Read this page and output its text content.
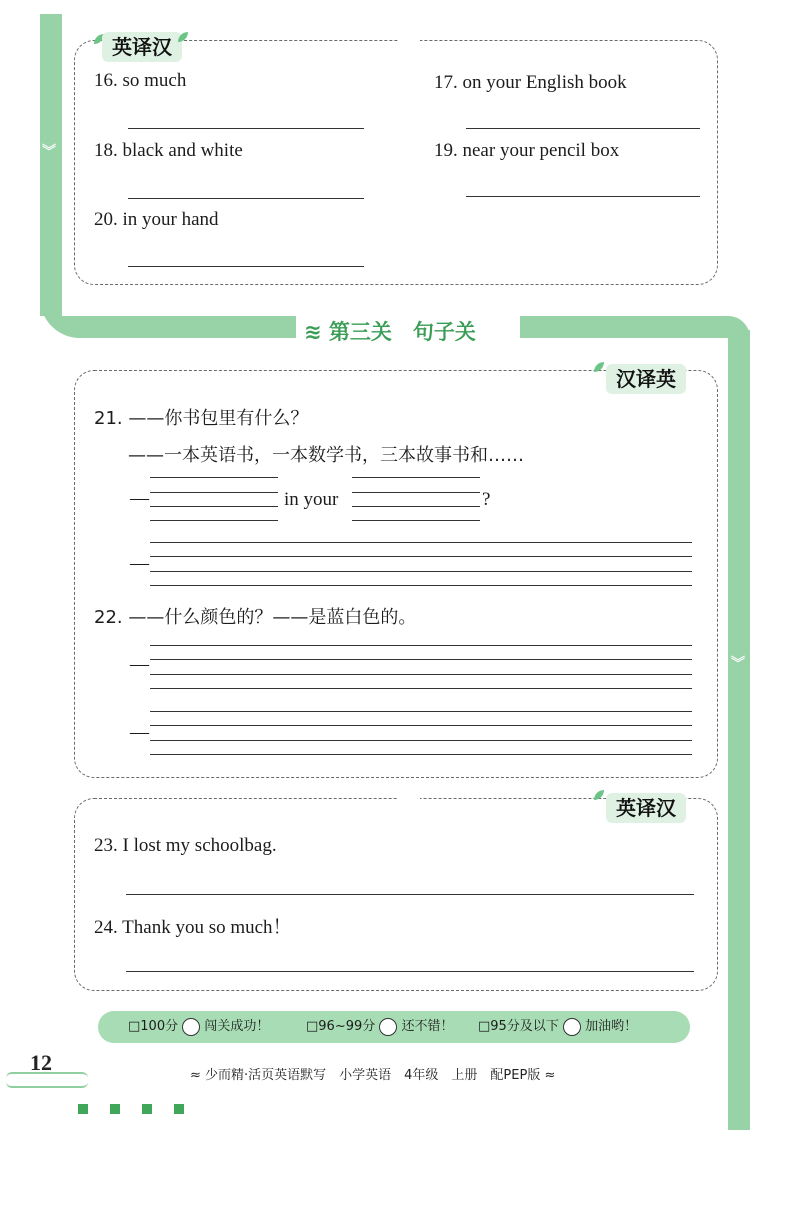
︾
︾
英译汉
16. so much	17. on your English book
18. black and white	19. near your pencil box
20. in your hand
≋ 第三关　句子关
汉译英
21. ——你书包里有什么？
——一本英语书，一本数学书，三本故事书和……
—	in your	?
—
22. ——什么颜色的？——是蓝白色的。
—
—
英译汉
23. I lost my schoolbag.
24. Thank you so much！
□100分 闯关成功！	□96~99分 还不错！ □95分及以下 加油哟！
12
≈ 少而精·活页英语默写　小学英语　4年级　上册　配PEP版 ≈
